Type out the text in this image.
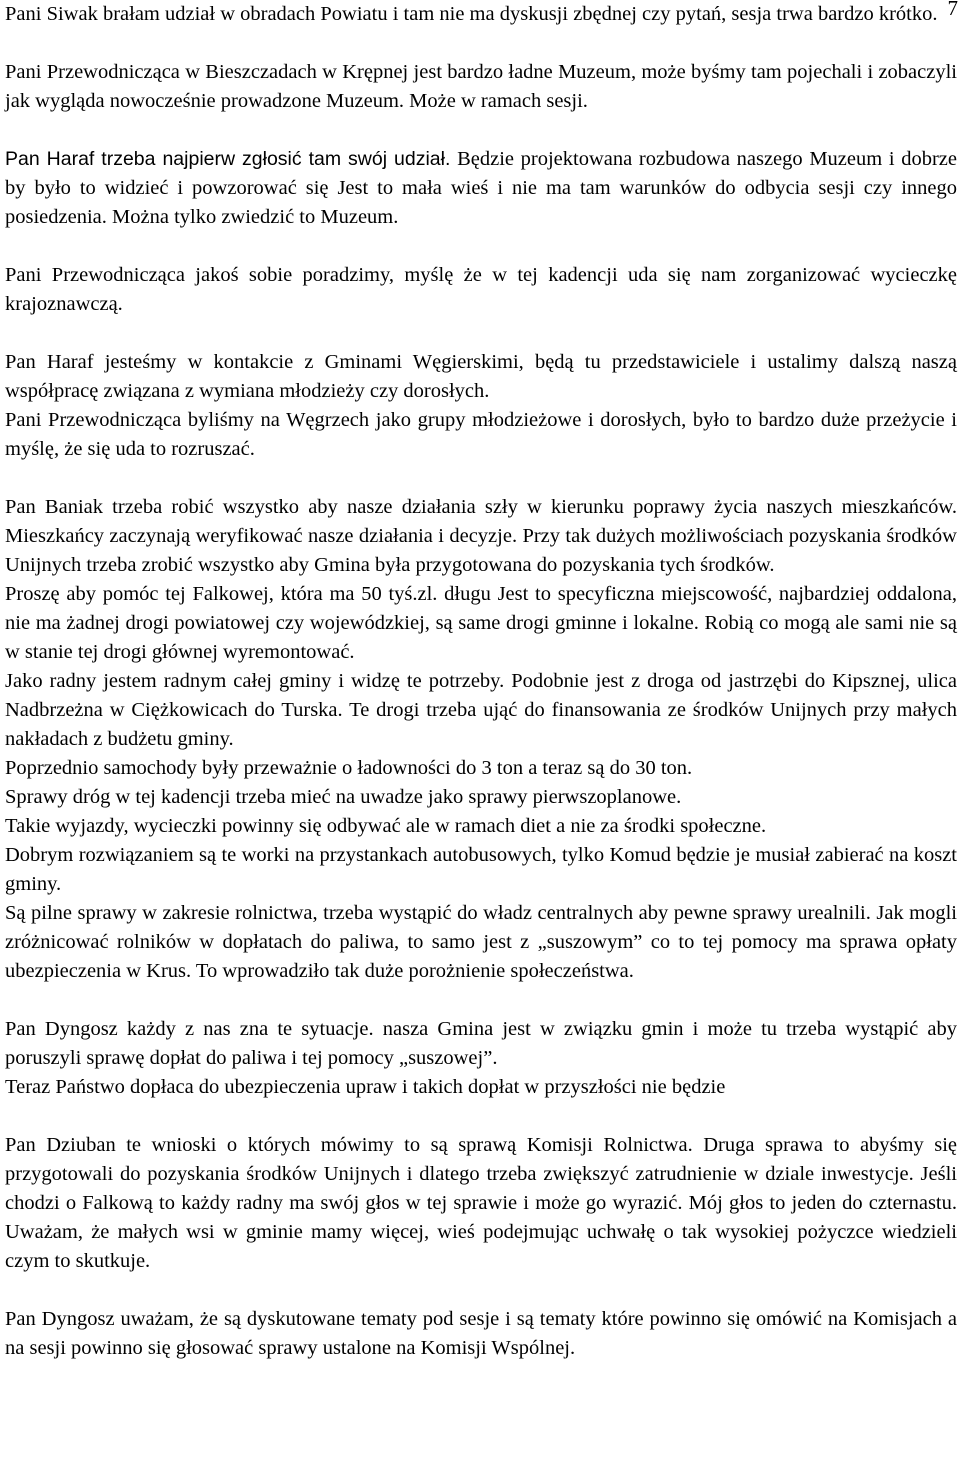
7

Pani Siwak brałam udział w obradach Powiatu i tam nie ma dyskusji zbędnej czy pytań, sesja trwa bardzo krótko.

Pani Przewodnicząca w Bieszczadach w Krępnej jest bardzo ładne Muzeum, może byśmy tam pojechali i zobaczyli jak wygląda nowocześnie prowadzone Muzeum. Może w ramach sesji.

Pan Haraf trzeba najpierw zgłosić tam swój udział. Będzie projektowana rozbudowa naszego Muzeum i dobrze by było to widzieć i powzorować się Jest to mała wieś i nie ma tam warunków do odbycia sesji czy innego posiedzenia. Można tylko zwiedzić to Muzeum.

Pani Przewodnicząca jakoś sobie poradzimy, myślę że w tej kadencji uda się nam zorganizować wycieczkę krajoznawczą.

Pan Haraf jesteśmy w kontakcie z Gminami Węgierskimi, będą tu przedstawiciele i ustalimy dalszą naszą współpracę związana z wymiana młodzieży czy dorosłych.

Pani Przewodnicząca byliśmy na Węgrzech jako grupy młodzieżowe i dorosłych, było to bardzo duże przeżycie i myślę, że się uda to rozruszać.

Pan Baniak trzeba robić wszystko aby nasze działania szły w kierunku poprawy życia naszych mieszkańców. Mieszkańcy zaczynają weryfikować nasze działania i decyzje. Przy tak dużych możliwościach pozyskania środków Unijnych trzeba zrobić wszystko aby Gmina była przygotowana do pozyskania tych środków.

Proszę aby pomóc tej Falkowej, która ma 50 tyś.zl. długu Jest to specyficzna miejscowość, najbardziej oddalona, nie ma żadnej drogi powiatowej czy wojewódzkiej, są same drogi gminne i lokalne. Robią co mogą ale sami nie są w stanie tej drogi głównej wyremontować.

Jako radny jestem radnym całej gminy i widzę te potrzeby. Podobnie jest z droga od jastrzębi do Kipsznej, ulica Nadbrzeżna w Ciężkowicach do Turska. Te drogi trzeba ująć do finansowania ze środków Unijnych przy małych nakładach z budżetu gminy.

Poprzednio samochody były przeważnie o ładowności do 3 ton a teraz są do 30 ton.

Sprawy dróg w tej kadencji trzeba mieć na uwadze jako sprawy pierwszoplanowe.

Takie wyjazdy, wycieczki powinny się odbywać ale w ramach diet a nie za środki społeczne.

Dobrym rozwiązaniem są te worki na przystankach autobusowych, tylko Komud będzie je musiał zabierać na koszt gminy.

Są pilne sprawy w zakresie rolnictwa, trzeba wystąpić do władz centralnych aby pewne sprawy urealnili. Jak mogli zróżnicować rolników w dopłatach do paliwa, to samo jest z „suszowym” co to tej pomocy ma sprawa opłaty ubezpieczenia w Krus. To wprowadziło tak duże porożnienie społeczeństwa.

Pan Dyngosz każdy z nas zna te sytuacje. nasza Gmina jest w związku gmin i może tu trzeba wystąpić aby poruszyli sprawę dopłat do paliwa i tej pomocy „suszowej”.

Teraz Państwo dopłaca do ubezpieczenia upraw i takich dopłat w przyszłości nie będzie

Pan Dziuban te wnioski o których mówimy to są sprawą Komisji Rolnictwa. Druga sprawa to abyśmy się przygotowali do pozyskania środków Unijnych i dlatego trzeba zwiększyć zatrudnienie w dziale inwestycje. Jeśli chodzi o Falkową to każdy radny ma swój głos w tej sprawie i może go wyrazić. Mój głos to jeden do czternastu. Uważam, że małych wsi w gminie mamy więcej, wieś podejmując uchwałę o tak wysokiej pożyczce wiedzieli czym to skutkuje.

Pan Dyngosz uważam, że są dyskutowane tematy pod sesje i są tematy które powinno się omówić na Komisjach a na sesji powinno się głosować sprawy ustalone na Komisji Wspólnej.
